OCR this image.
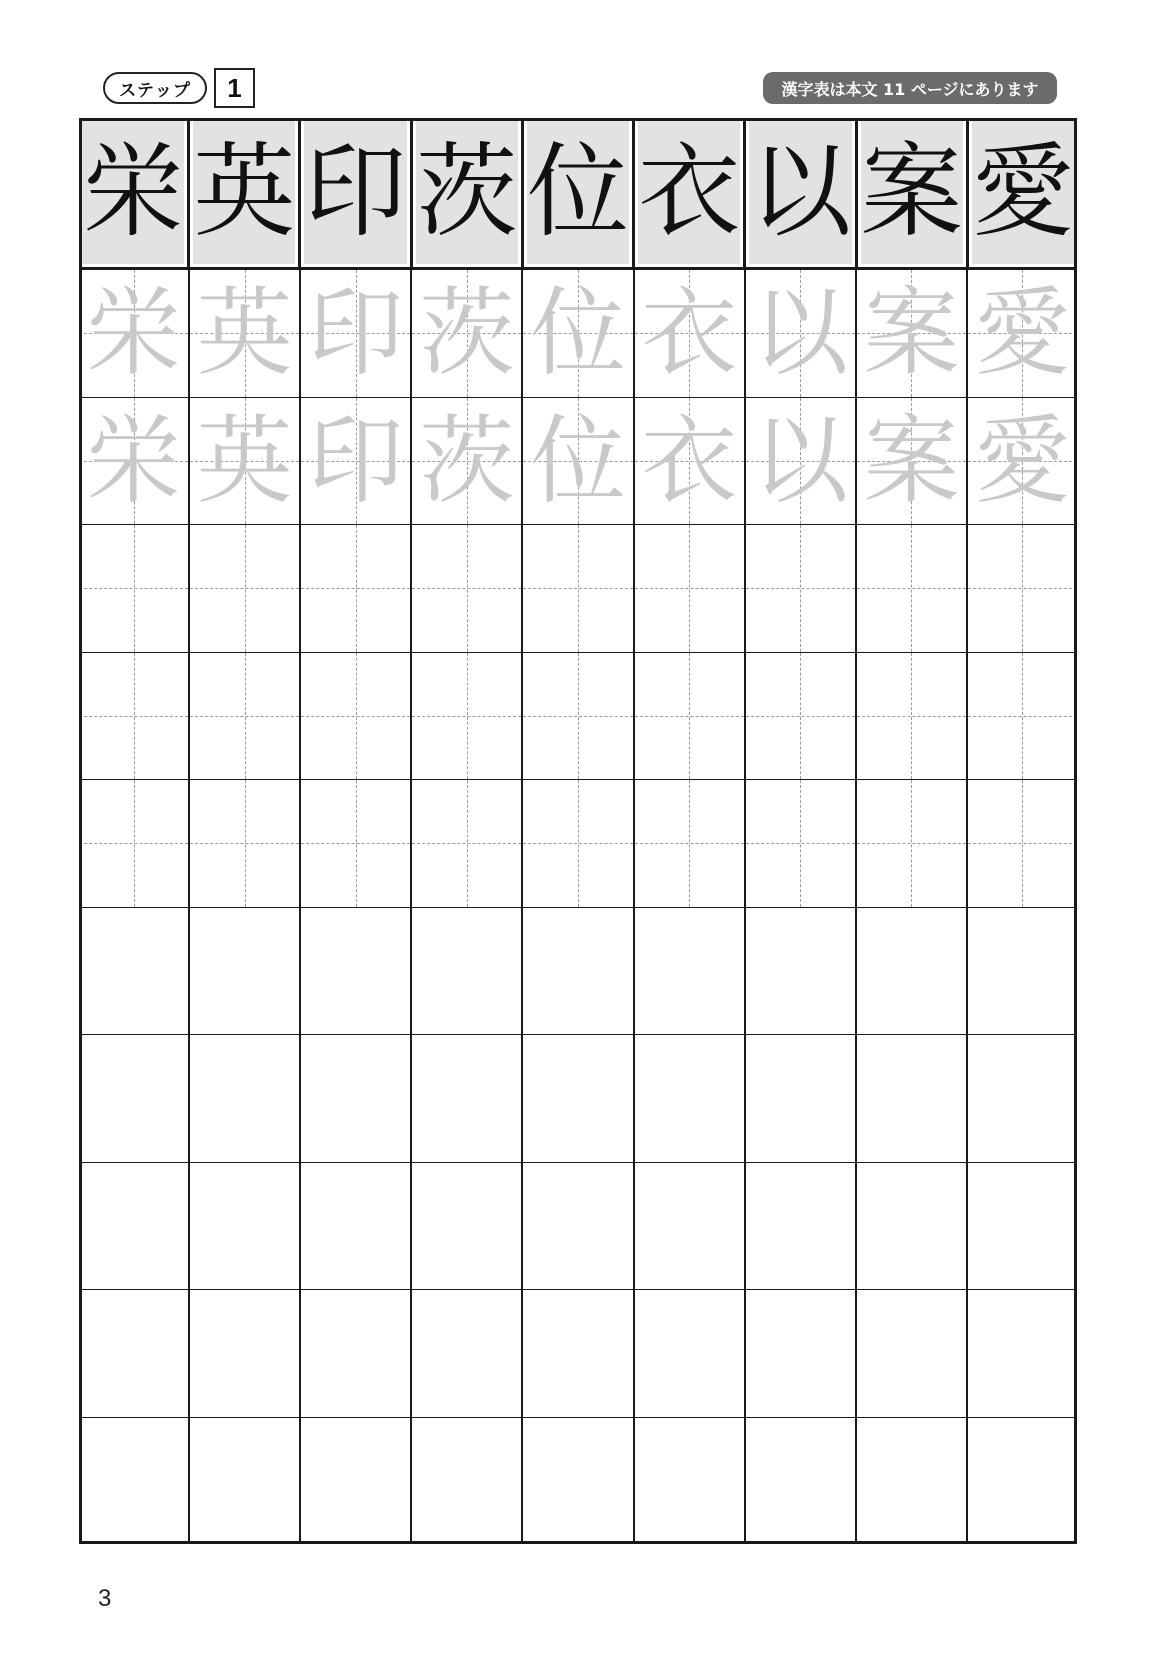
ステップ	1	漢字表は本文 11 ページにあります
栄 英 印 茨 位 衣 以 案 愛
栄 英 印 茨 位 衣 以 案 愛
栄 英 印 茨 位 衣 以 案 愛
3
